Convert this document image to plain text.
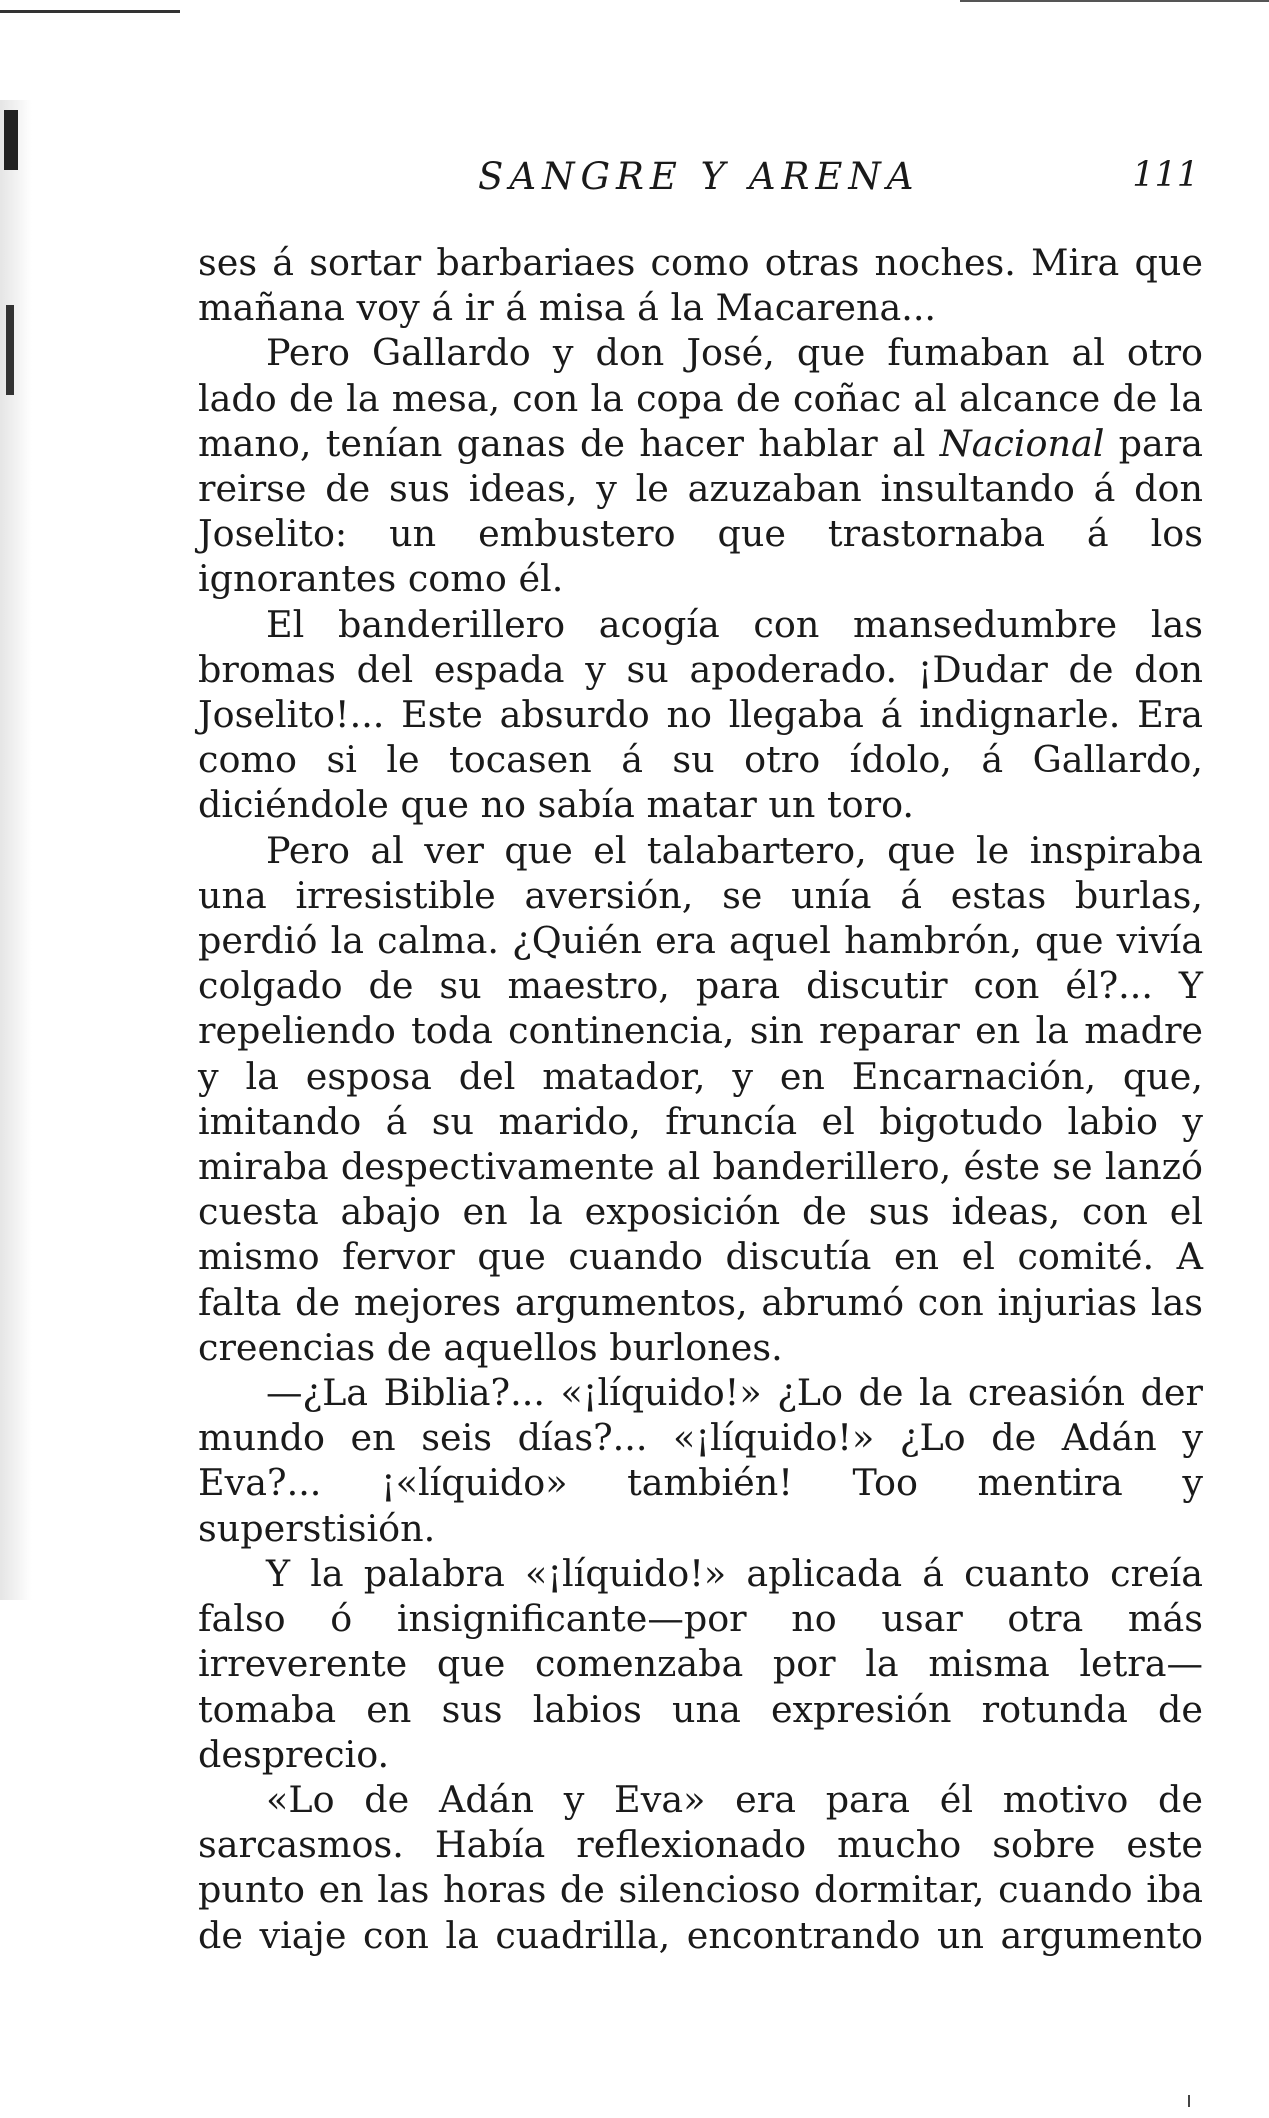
SANGRE Y ARENA	111

ses á sortar barbariaes como otras noches. Mira que mañana voy á ir á misa á la Macarena...

Pero Gallardo y don José, que fumaban al otro lado de la mesa, con la copa de coñac al alcance de la mano, tenían ganas de hacer hablar al Nacional para reirse de sus ideas, y le azuzaban insultando á don Joselito: un embustero que trastornaba á los ignorantes como él.

El banderillero acogía con mansedumbre las bromas del espada y su apoderado. ¡Dudar de don Joselito!... Este absurdo no llegaba á indignarle. Era como si le tocasen á su otro ídolo, á Gallardo, diciéndole que no sabía matar un toro.

Pero al ver que el talabartero, que le inspiraba una irresistible aversión, se unía á estas burlas, perdió la calma. ¿Quién era aquel hambrón, que vivía colgado de su maestro, para discutir con él?... Y repeliendo toda continencia, sin reparar en la madre y la esposa del matador, y en Encarnación, que, imitando á su marido, fruncía el bigotudo labio y miraba despectivamente al banderillero, éste se lanzó cuesta abajo en la exposición de sus ideas, con el mismo fervor que cuando discutía en el comité. A falta de mejores argumentos, abrumó con injurias las creencias de aquellos burlones.

—¿La Biblia?... «¡líquido!» ¿Lo de la creasión der mundo en seis días?... «¡líquido!» ¿Lo de Adán y Eva?... ¡«líquido» también! Too mentira y superstisión.

Y la palabra «¡líquido!» aplicada á cuanto creía falso ó insignificante—por no usar otra más irreverente que comenzaba por la misma letra—tomaba en sus labios una expresión rotunda de desprecio.

«Lo de Adán y Eva» era para él motivo de sarcasmos. Había reflexionado mucho sobre este punto en las horas de silencioso dormitar, cuando iba de viaje con la cuadrilla, encontrando un argumento
